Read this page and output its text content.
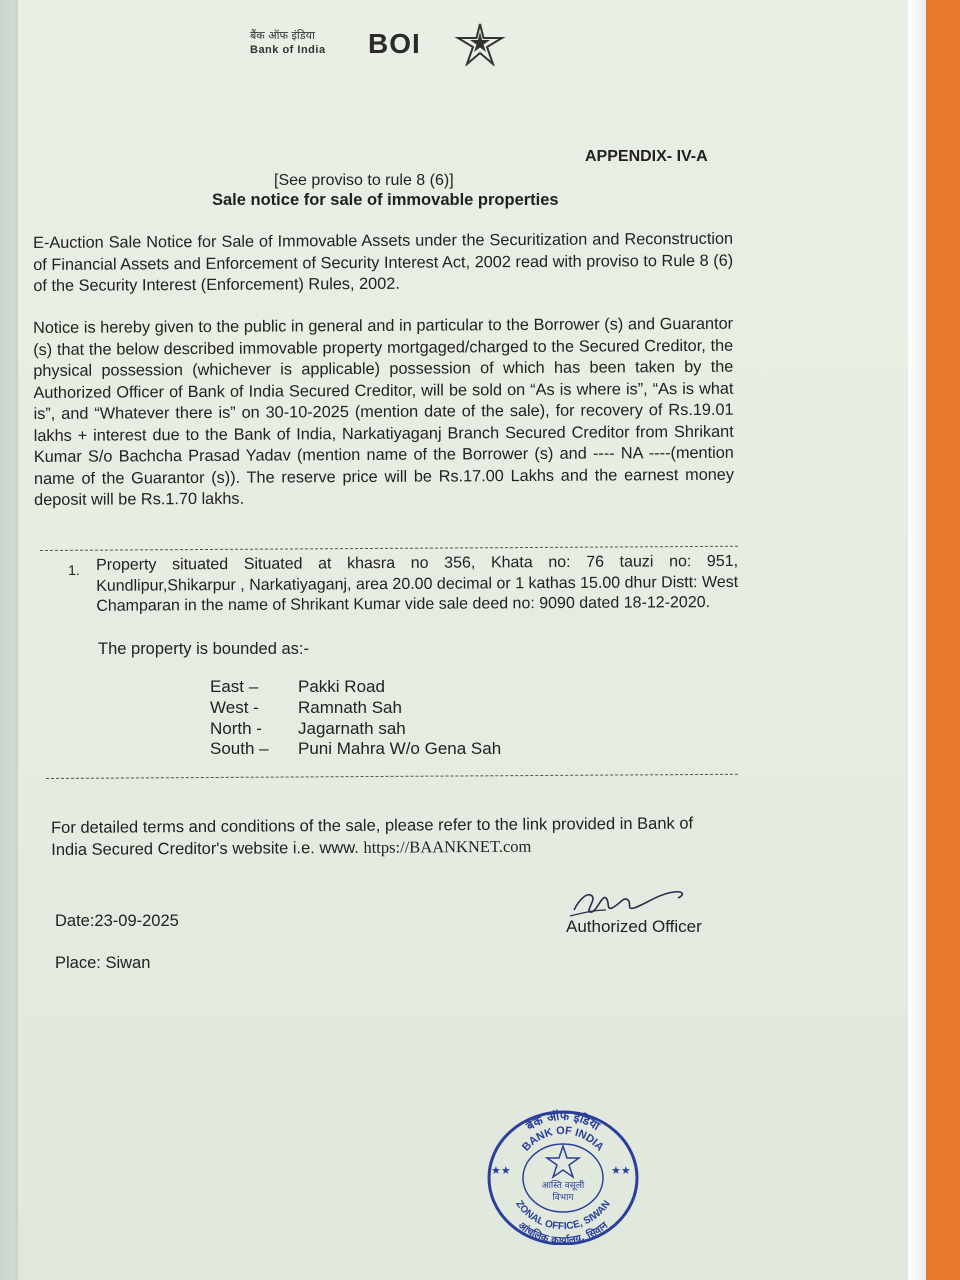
बैंक ऑफ इंडिया
Bank of India BOI
APPENDIX- IV-A
[See proviso to rule 8 (6)]
Sale notice for sale of immovable properties
E-Auction Sale Notice for Sale of Immovable Assets under the Securitization and Reconstruction of Financial Assets and Enforcement of Security Interest Act, 2002 read with proviso to Rule 8 (6) of the Security Interest (Enforcement) Rules, 2002.
Notice is hereby given to the public in general and in particular to the Borrower (s) and Guarantor (s) that the below described immovable property mortgaged/charged to the Secured Creditor, the physical possession (whichever is applicable) possession of which has been taken by the Authorized Officer of Bank of India Secured Creditor, will be sold on “As is where is”, “As is what is”, and “Whatever there is” on 30-10-2025 (mention date of the sale), for recovery of Rs.19.01 lakhs + interest due to the Bank of India, Narkatiyaganj Branch Secured Creditor from Shrikant Kumar S/o Bachcha Prasad Yadav (mention name of the Borrower (s) and ---- NA ----(mention name of the Guarantor (s)). The reserve price will be Rs.17.00 Lakhs and the earnest money deposit will be Rs.1.70 lakhs.
1. Property situated Situated at khasra no 356, Khata no: 76 tauzi no: 951, Kundlipur,Shikarpur , Narkatiyaganj, area 20.00 decimal or 1 kathas 15.00 dhur Distt: West Champaran in the name of Shrikant Kumar vide sale deed no: 9090 dated 18-12-2020.
The property is bounded as:-
East – Pakki Road
West - Ramnath Sah
North - Jagarnath sah
South – Puni Mahra W/o Gena Sah
For detailed terms and conditions of the sale, please refer to the link provided in Bank of India Secured Creditor's website i.e. www. https://BAANKNET.com
Date:23-09-2025
Place: Siwan
Authorized Officer
बैंक ऑफ इंडिया
BANK OF INDIA
ZONAL OFFICE, SIWAN
आंचलिक कार्यालय, सिवान
आस्ति वसूली
विभाग
★★	★★
